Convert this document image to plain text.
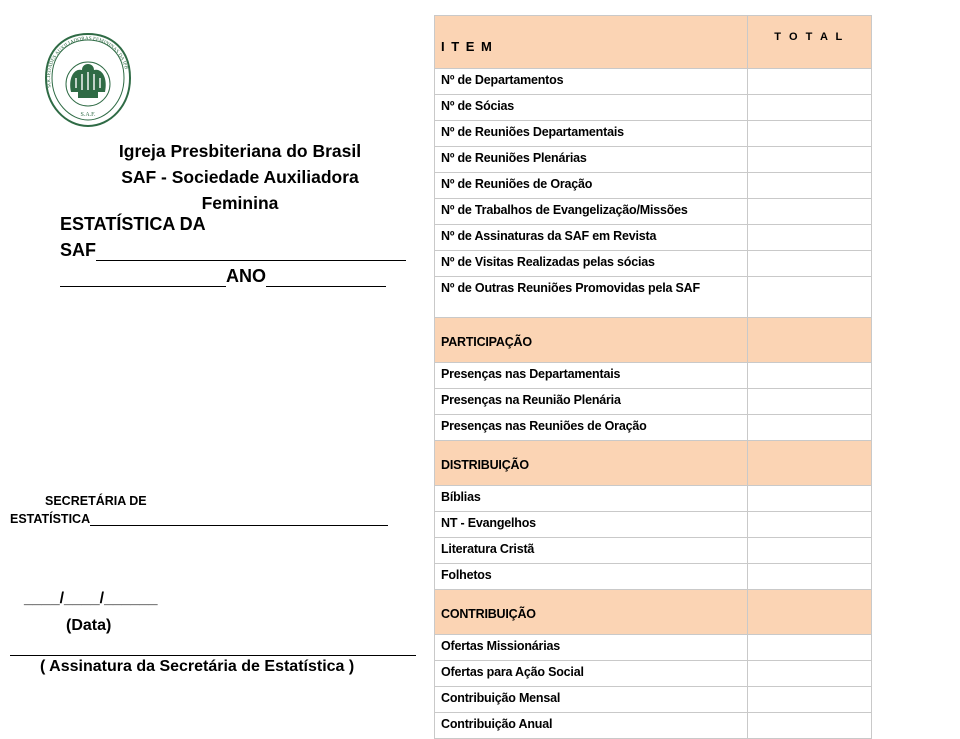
SOCIEDADES AUXILIADORAS FEMININAS DA IPB
S.A.F.
Igreja Presbiteriana do Brasil
SAF - Sociedade Auxiliadora
Feminina
ESTATÍSTICA DA
SAF
ANO
SECRETÁRIA DE
ESTATÍSTICA
____/____/______
(Data)
( Assinatura da Secretária de Estatística )
I T E M	T O T A L
Nº de Departamentos	
Nº de Sócias	
Nº de Reuniões Departamentais	
Nº de Reuniões Plenárias	
Nº de Reuniões de Oração	
Nº de Trabalhos de Evangelização/Missões	
Nº de Assinaturas da SAF em Revista	
Nº de Visitas Realizadas pelas sócias	
Nº de Outras Reuniões Promovidas pela SAF	
PARTICIPAÇÃO	
Presenças nas Departamentais	
Presenças na Reunião Plenária	
Presenças nas Reuniões de Oração	
DISTRIBUIÇÃO	
Bíblias	
NT - Evangelhos	
Literatura Cristã	
Folhetos	
CONTRIBUIÇÃO	
Ofertas Missionárias	
Ofertas para Ação Social	
Contribuição Mensal	
Contribuição Anual	
